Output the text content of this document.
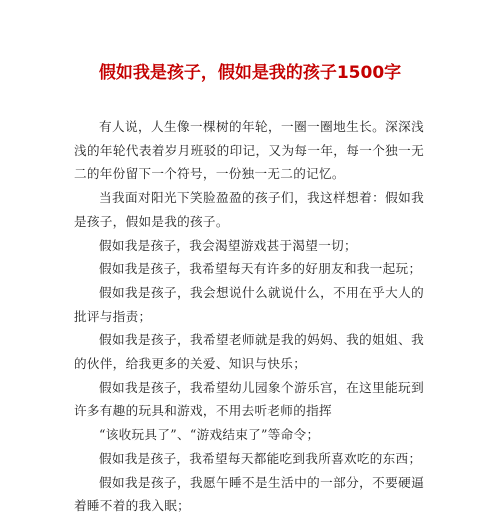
假如我是孩子，假如是我的孩子1500字

有人说，人生像一棵树的年轮，一圈一圈地生长。深深浅浅的年轮代表着岁月班驳的印记，又为每一年，每一个独一无二的年份留下一个符号，一份独一无二的记忆。

当我面对阳光下笑脸盈盈的孩子们，我这样想着：假如我是孩子，假如是我的孩子。

假如我是孩子，我会渴望游戏甚于渴望一切；

假如我是孩子，我希望每天有许多的好朋友和我一起玩；

假如我是孩子，我会想说什么就说什么，不用在乎大人的批评与指责；

假如我是孩子，我希望老师就是我的妈妈、我的姐姐、我的伙伴，给我更多的关爱、知识与快乐；

假如我是孩子，我希望幼儿园象个游乐宫，在这里能玩到许多有趣的玩具和游戏，不用去听老师的指挥

“该收玩具了”、“游戏结束了”等命令；

假如我是孩子，我希望每天都能吃到我所喜欢吃的东西；

假如我是孩子，我愿午睡不是生活中的一部分，不要硬逼着睡不着的我入眠；
